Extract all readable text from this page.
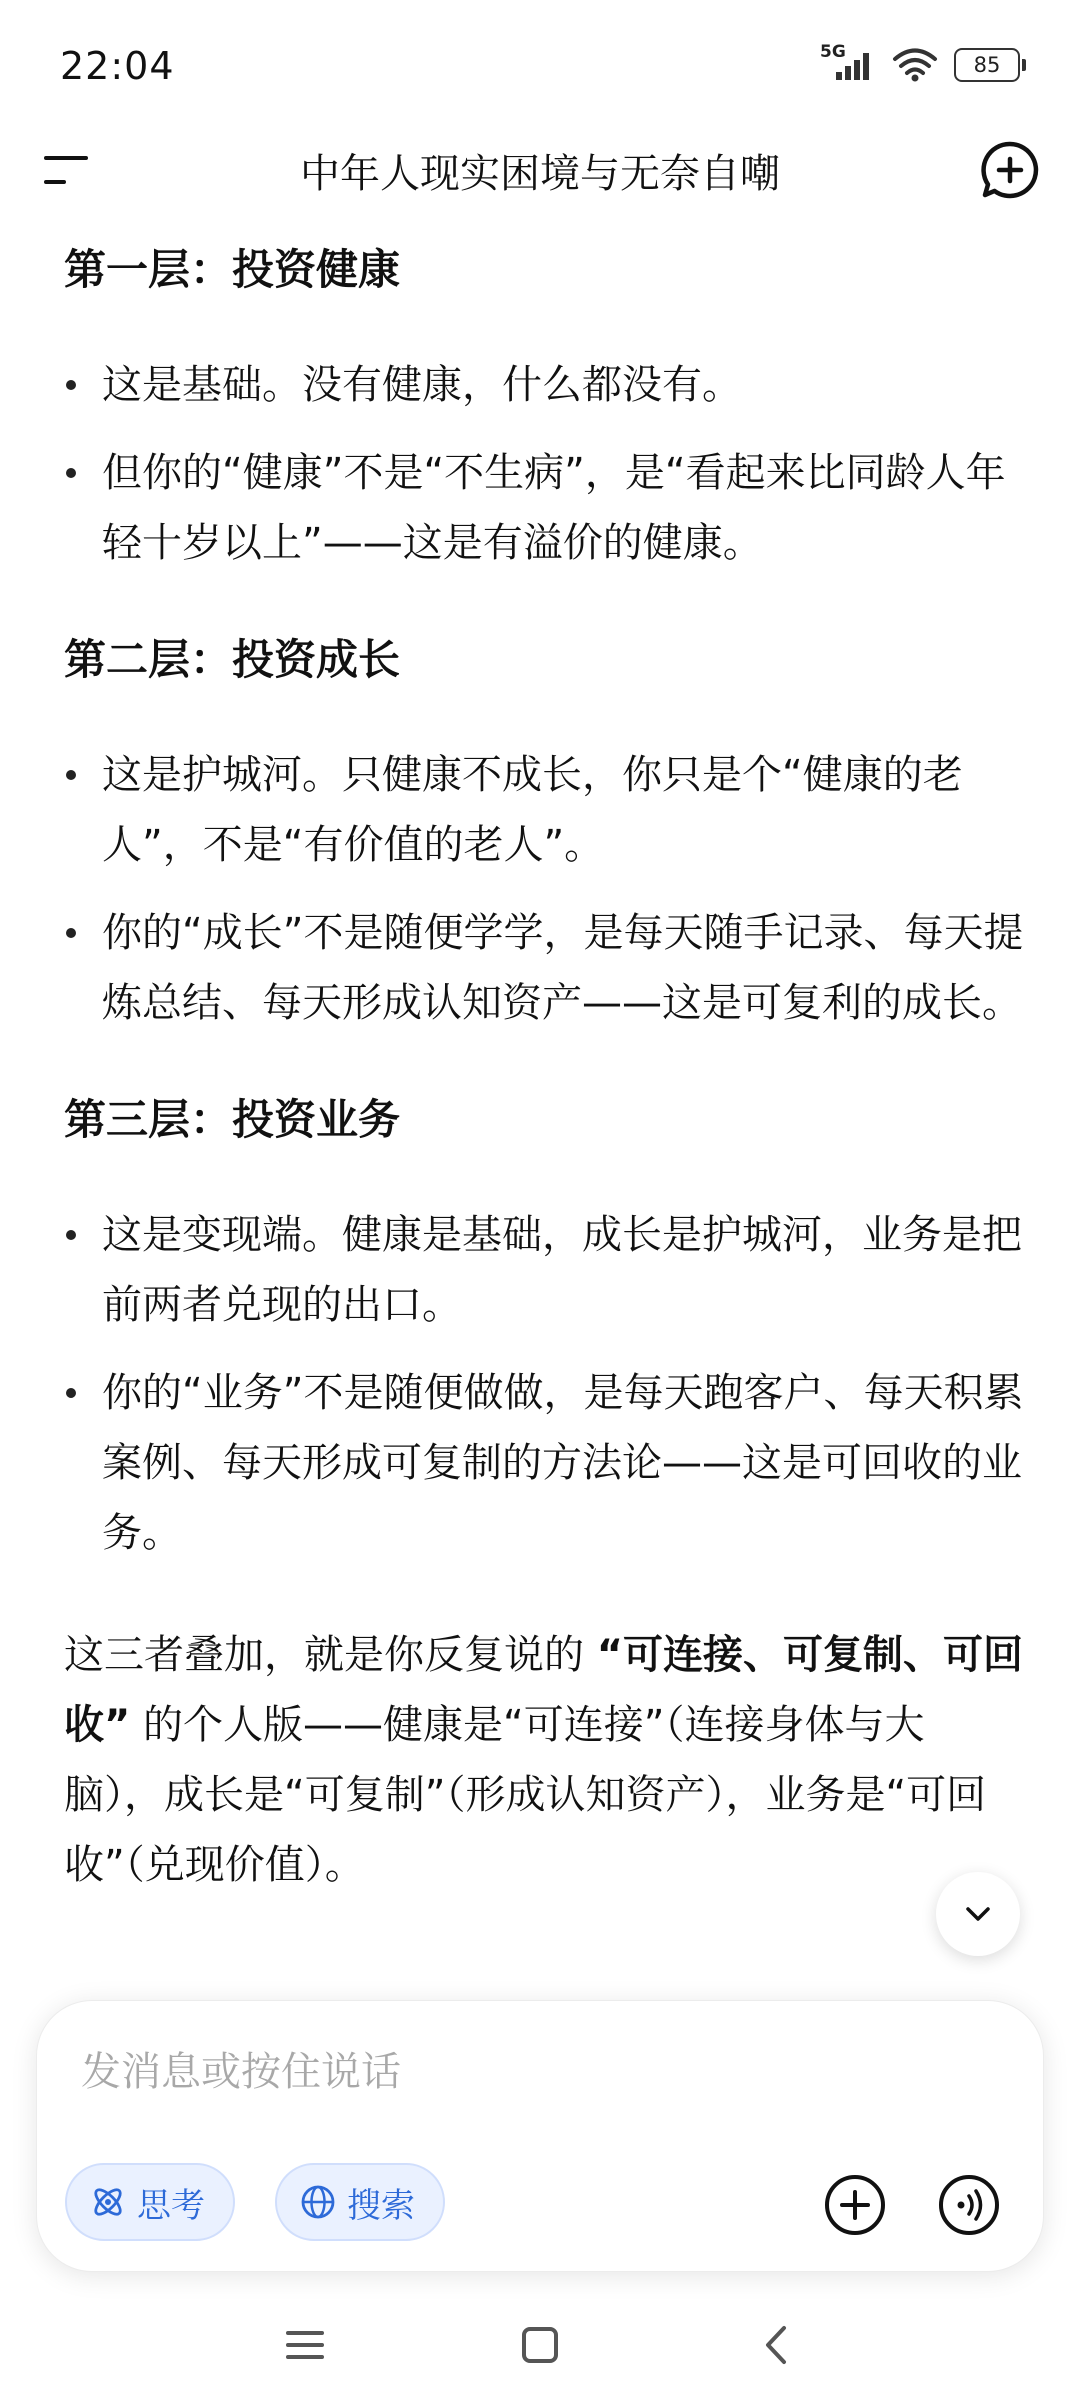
22:04	5G
85
中年人现实困境与无奈自嘲
第一层：投资健康
这是基础。没有健康，什么都没有。
但你的“健康”不是“不生病”，是“看起来比同龄人年轻十岁以上”——这是有溢价的健康。
第二层：投资成长
这是护城河。只健康不成长，你只是个“健康的老人”，不是“有价值的老人”。
你的“成长”不是随便学学，是每天随手记录、每天提炼总结、每天形成认知资产——这是可复利的成长。
第三层：投资业务
这是变现端。健康是基础，成长是护城河，业务是把前两者兑现的出口。
你的“业务”不是随便做做，是每天跑客户、每天积累案例、每天形成可复制的方法论——这是可回收的业务。

这三者叠加，就是你反复说的 “可连接、可复制、可回收” 的个人版——健康是“可连接”（连接身体与大脑），成长是“可复制”（形成认知资产），业务是“可回收”（兑现价值）。

发消息或按住说话
思考	搜索
